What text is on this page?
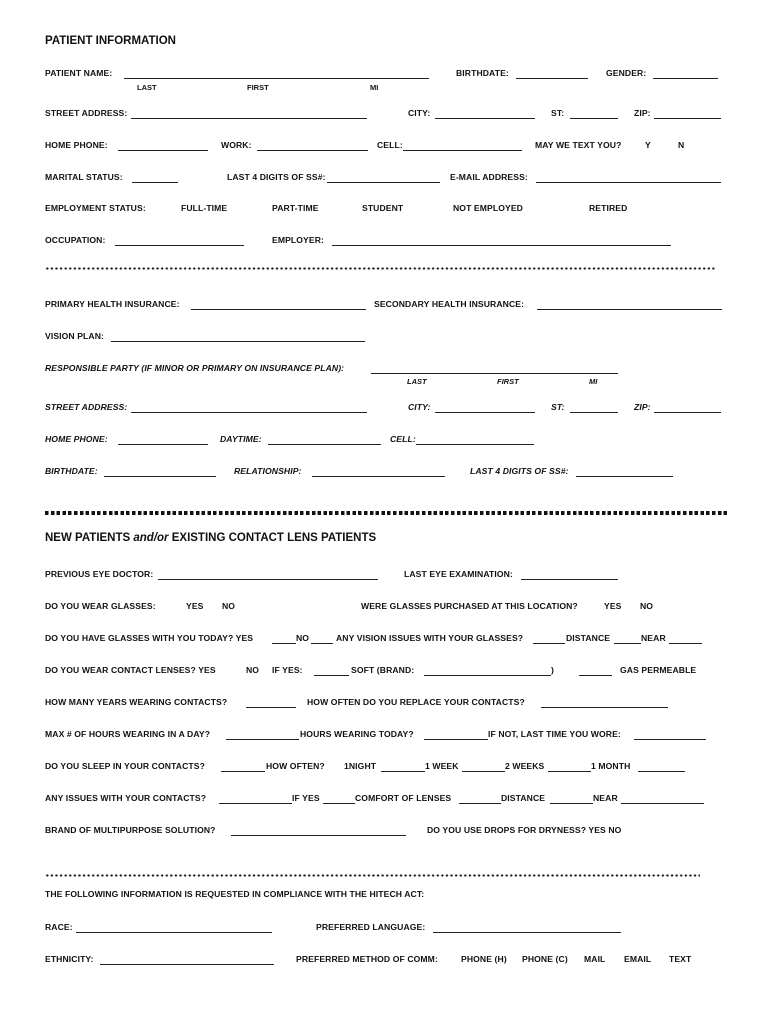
PATIENT INFORMATION
PATIENT NAME:
LAST	FIRST	MI
BIRTHDATE:	GENDER:
STREET ADDRESS:	CITY:	ST:	ZIP:
HOME PHONE:	WORK:	CELL:	MAY WE TEXT YOU?	Y	N
MARITAL STATUS:	LAST 4 DIGITS OF SS#:	E-MAIL ADDRESS:
EMPLOYMENT STATUS:	FULL-TIME	PART-TIME	STUDENT	NOT EMPLOYED	RETIRED
OCCUPATION:	EMPLOYER:
PRIMARY HEALTH INSURANCE:	SECONDARY HEALTH INSURANCE:
VISION PLAN:
RESPONSIBLE PARTY (IF MINOR OR PRIMARY ON INSURANCE PLAN):
LAST	FIRST	MI
STREET ADDRESS:	CITY:	ST:	ZIP:
HOME PHONE:	DAYTIME:	CELL:
BIRTHDATE:	RELATIONSHIP:	LAST 4 DIGITS OF SS#:
NEW PATIENTS and/or EXISTING CONTACT LENS PATIENTS
PREVIOUS EYE DOCTOR:	LAST EYE EXAMINATION:
DO YOU WEAR GLASSES:	YES NO	WERE GLASSES PURCHASED AT THIS LOCATION?	YES NO
DO YOU HAVE GLASSES WITH YOU TODAY? YES	NO	ANY VISION ISSUES WITH YOUR GLASSES?	DISTANCE	NEAR
DO YOU WEAR CONTACT LENSES? YES	NO IF YES:	SOFT (BRAND:	)	GAS PERMEABLE
HOW MANY YEARS WEARING CONTACTS?	HOW OFTEN DO YOU REPLACE YOUR CONTACTS?
MAX # OF HOURS WEARING IN A DAY?	HOURS WEARING TODAY?	IF NOT, LAST TIME YOU WORE:
DO YOU SLEEP IN YOUR CONTACTS?	HOW OFTEN? 1NIGHT	1 WEEK	2 WEEKS	1 MONTH
ANY ISSUES WITH YOUR CONTACTS?	IF YES	COMFORT OF LENSES	DISTANCE	NEAR
BRAND OF MULTIPURPOSE SOLUTION?	DO YOU USE DROPS FOR DRYNESS? YES NO
THE FOLLOWING INFORMATION IS REQUESTED IN COMPLIANCE WITH THE HITECH ACT:
RACE:	PREFERRED LANGUAGE:
ETHNICITY:	PREFERRED METHOD OF COMM:	PHONE (H) PHONE (C) MAIL EMAIL TEXT
